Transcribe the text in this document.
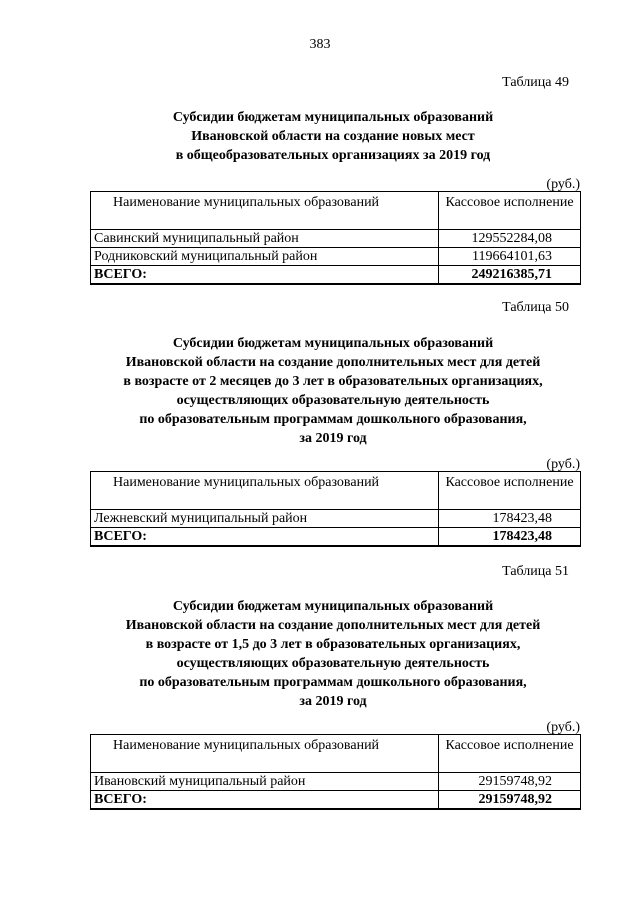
383
Таблица 49
Субсидии бюджетам муниципальных образований
Ивановской области на создание новых мест
в общеобразовательных организациях за 2019 год
(руб.)
Наименование муниципальных образований	Кассовое исполнение
Савинский муниципальный район	129552284,08
Родниковский муниципальный район	119664101,63
ВСЕГО:	249216385,71
Таблица 50
Субсидии бюджетам муниципальных образований
Ивановской области на создание дополнительных мест для детей
в возрасте от 2 месяцев до 3 лет в образовательных организациях,
осуществляющих образовательную деятельность
по образовательным программам дошкольного образования,
за 2019 год
(руб.)
Наименование муниципальных образований	Кассовое исполнение
Лежневский муниципальный район	178423,48
ВСЕГО:	178423,48
Таблица 51
Субсидии бюджетам муниципальных образований
Ивановской области на создание дополнительных мест для детей
в возрасте от 1,5 до 3 лет в образовательных организациях,
осуществляющих образовательную деятельность
по образовательным программам дошкольного образования,
за 2019 год
(руб.)
Наименование муниципальных образований	Кассовое исполнение
Ивановский муниципальный район	29159748,92
ВСЕГО:	29159748,92
